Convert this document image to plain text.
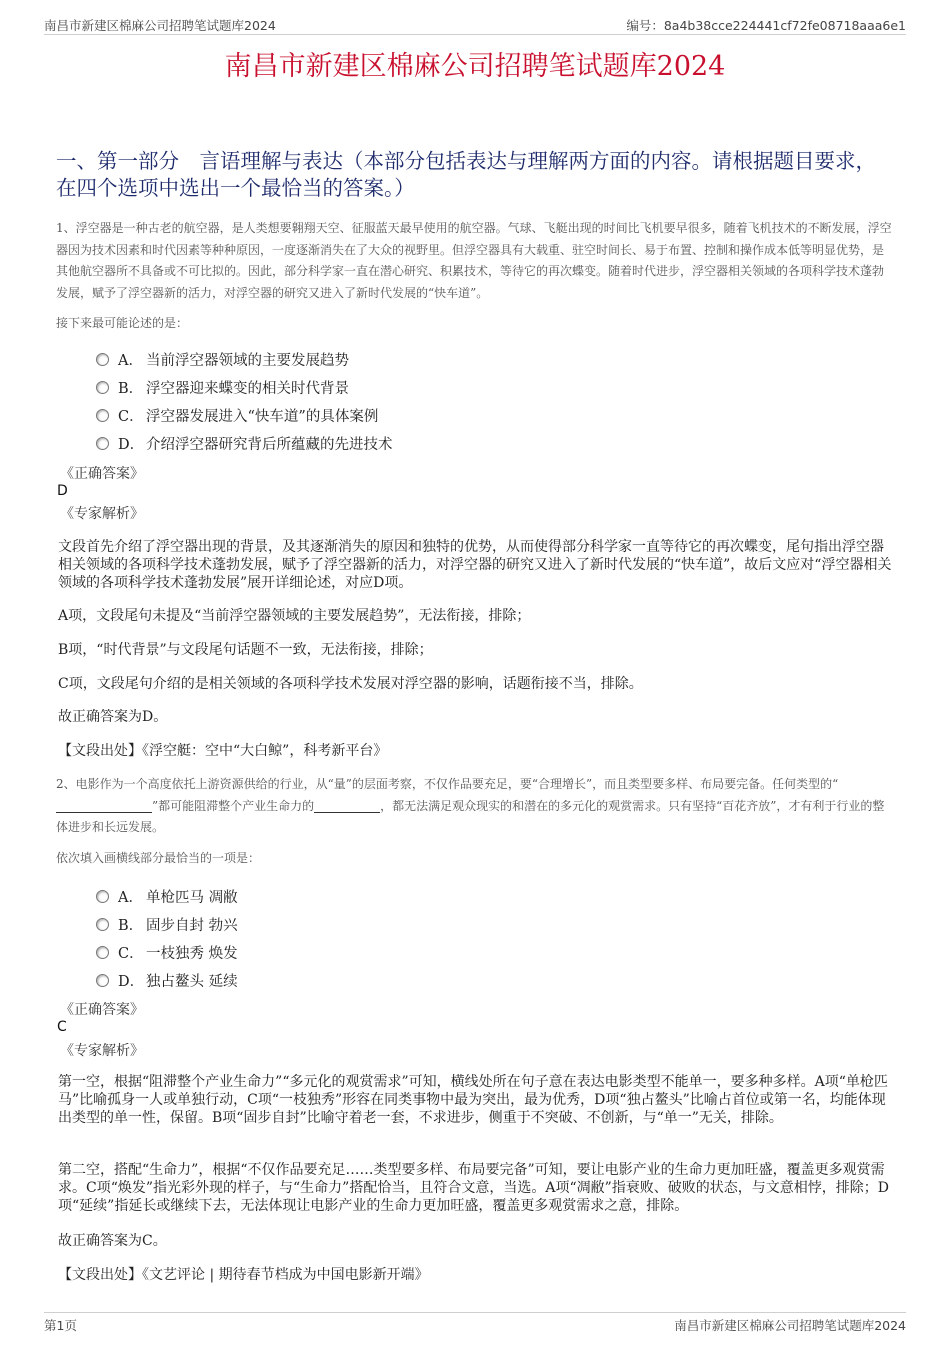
南昌市新建区棉麻公司招聘笔试题库2024	编号：8a4b38cce224441cf72fe08718aaa6e1
南昌市新建区棉麻公司招聘笔试题库2024
一、第一部分　言语理解与表达（本部分包括表达与理解两方面的内容。请根据题目要求，在四个选项中选出一个最恰当的答案。）
1、浮空器是一种古老的航空器，是人类想要翱翔天空、征服蓝天最早使用的航空器。气球、飞艇出现的时间比飞机要早很多，随着飞机技术的不断发展，浮空器因为技术因素和时代因素等种种原因，一度逐渐消失在了大众的视野里。但浮空器具有大载重、驻空时间长、易于布置、控制和操作成本低等明显优势，是其他航空器所不具备或不可比拟的。因此，部分科学家一直在潜心研究、积累技术，等待它的再次蝶变。随着时代进步，浮空器相关领域的各项科学技术蓬勃发展，赋予了浮空器新的活力，对浮空器的研究又进入了新时代发展的“快车道”。
接下来最可能论述的是：
A． 当前浮空器领域的主要发展趋势
B． 浮空器迎来蝶变的相关时代背景
C． 浮空器发展进入“快车道”的具体案例
D． 介绍浮空器研究背后所蕴藏的先进技术
《正确答案》
D
《专家解析》
文段首先介绍了浮空器出现的背景，及其逐渐消失的原因和独特的优势，从而使得部分科学家一直等待它的再次蝶变，尾句指出浮空器相关领域的各项科学技术蓬勃发展，赋予了浮空器新的活力，对浮空器的研究又进入了新时代发展的“快车道”，故后文应对“浮空器相关领域的各项科学技术蓬勃发展”展开详细论述，对应D项。
A项，文段尾句未提及“当前浮空器领域的主要发展趋势”，无法衔接，排除；
B项，“时代背景”与文段尾句话题不一致，无法衔接，排除；
C项，文段尾句介绍的是相关领域的各项科学技术发展对浮空器的影响，话题衔接不当，排除。
故正确答案为D。
【文段出处】《浮空艇：空中“大白鲸”，科考新平台》
2、电影作为一个高度依托上游资源供给的行业，从“量”的层面考察，不仅作品要充足，要“合理增长”，而且类型要多样、布局要完备。任何类型的“”都可能阻滞整个产业生命力的	，都无法满足观众现实的和潜在的多元化的观赏需求。只有坚持“百花齐放”，才有利于行业的整体进步和长远发展。
依次填入画横线部分最恰当的一项是：
A． 单枪匹马 凋敝
B． 固步自封 勃兴
C． 一枝独秀 焕发
D． 独占鳌头 延续
《正确答案》
C
《专家解析》
第一空，根据“阻滞整个产业生命力”“多元化的观赏需求”可知，横线处所在句子意在表达电影类型不能单一，要多种多样。A项“单枪匹马”比喻孤身一人或单独行动，C项“一枝独秀”形容在同类事物中最为突出，最为优秀，D项“独占鳌头”比喻占首位或第一名，均能体现出类型的单一性，保留。B项“固步自封”比喻守着老一套，不求进步，侧重于不突破、不创新，与“单一”无关，排除。
第二空，搭配“生命力”，根据“不仅作品要充足……类型要多样、布局要完备”可知，要让电影产业的生命力更加旺盛，覆盖更多观赏需求。C项“焕发”指光彩外现的样子，与“生命力”搭配恰当，且符合文意，当选。A项“凋敝”指衰败、破败的状态，与文意相悖，排除；D项“延续”指延长或继续下去，无法体现让电影产业的生命力更加旺盛，覆盖更多观赏需求之意，排除。
故正确答案为C。
【文段出处】《文艺评论 | 期待春节档成为中国电影新开端》
第1页	南昌市新建区棉麻公司招聘笔试题库2024
